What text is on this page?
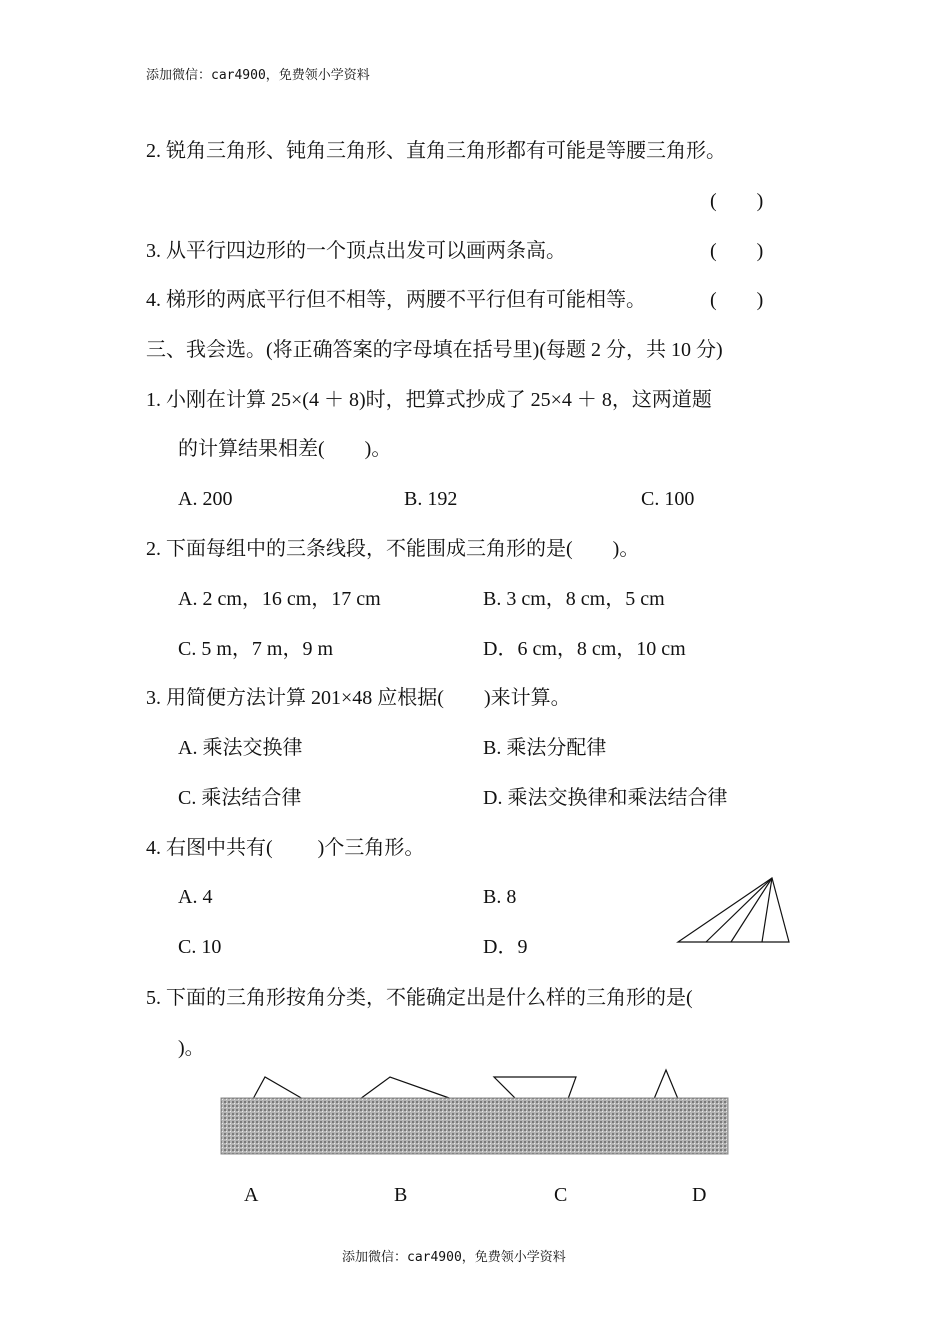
添加微信：car4900，免费领小学资料
2. 锐角三角形、钝角三角形、直角三角形都有可能是等腰三角形。
(　　)
3. 从平行四边形的一个顶点出发可以画两条高。	(　　)
4. 梯形的两底平行但不相等，两腰不平行但有可能相等。	(　　)
三、我会选。(将正确答案的字母填在括号里)(每题 2 分，共 10 分)
1. 小刚在计算 25×(4 ＋ 8)时，把算式抄成了 25×4 ＋ 8，这两道题
的计算结果相差(　　)。
A. 200	B. 192	C. 100
2. 下面每组中的三条线段，不能围成三角形的是(　　)。
A. 2 cm，16 cm，17 cm	B. 3 cm，8 cm，5 cm
C. 5 m，7 m，9 m	D．6 cm，8 cm，10 cm
3. 用简便方法计算 201×48 应根据(　　)来计算。
A. 乘法交换律	B. 乘法分配律
C. 乘法结合律	D. 乘法交换律和乘法结合律
4. 右图中共有(　　 )个三角形。
A. 4	B. 8
C. 10	D．9
5. 下面的三角形按角分类，不能确定出是什么样的三角形的是(
)。
A	B	C	D
添加微信：car4900，免费领小学资料
